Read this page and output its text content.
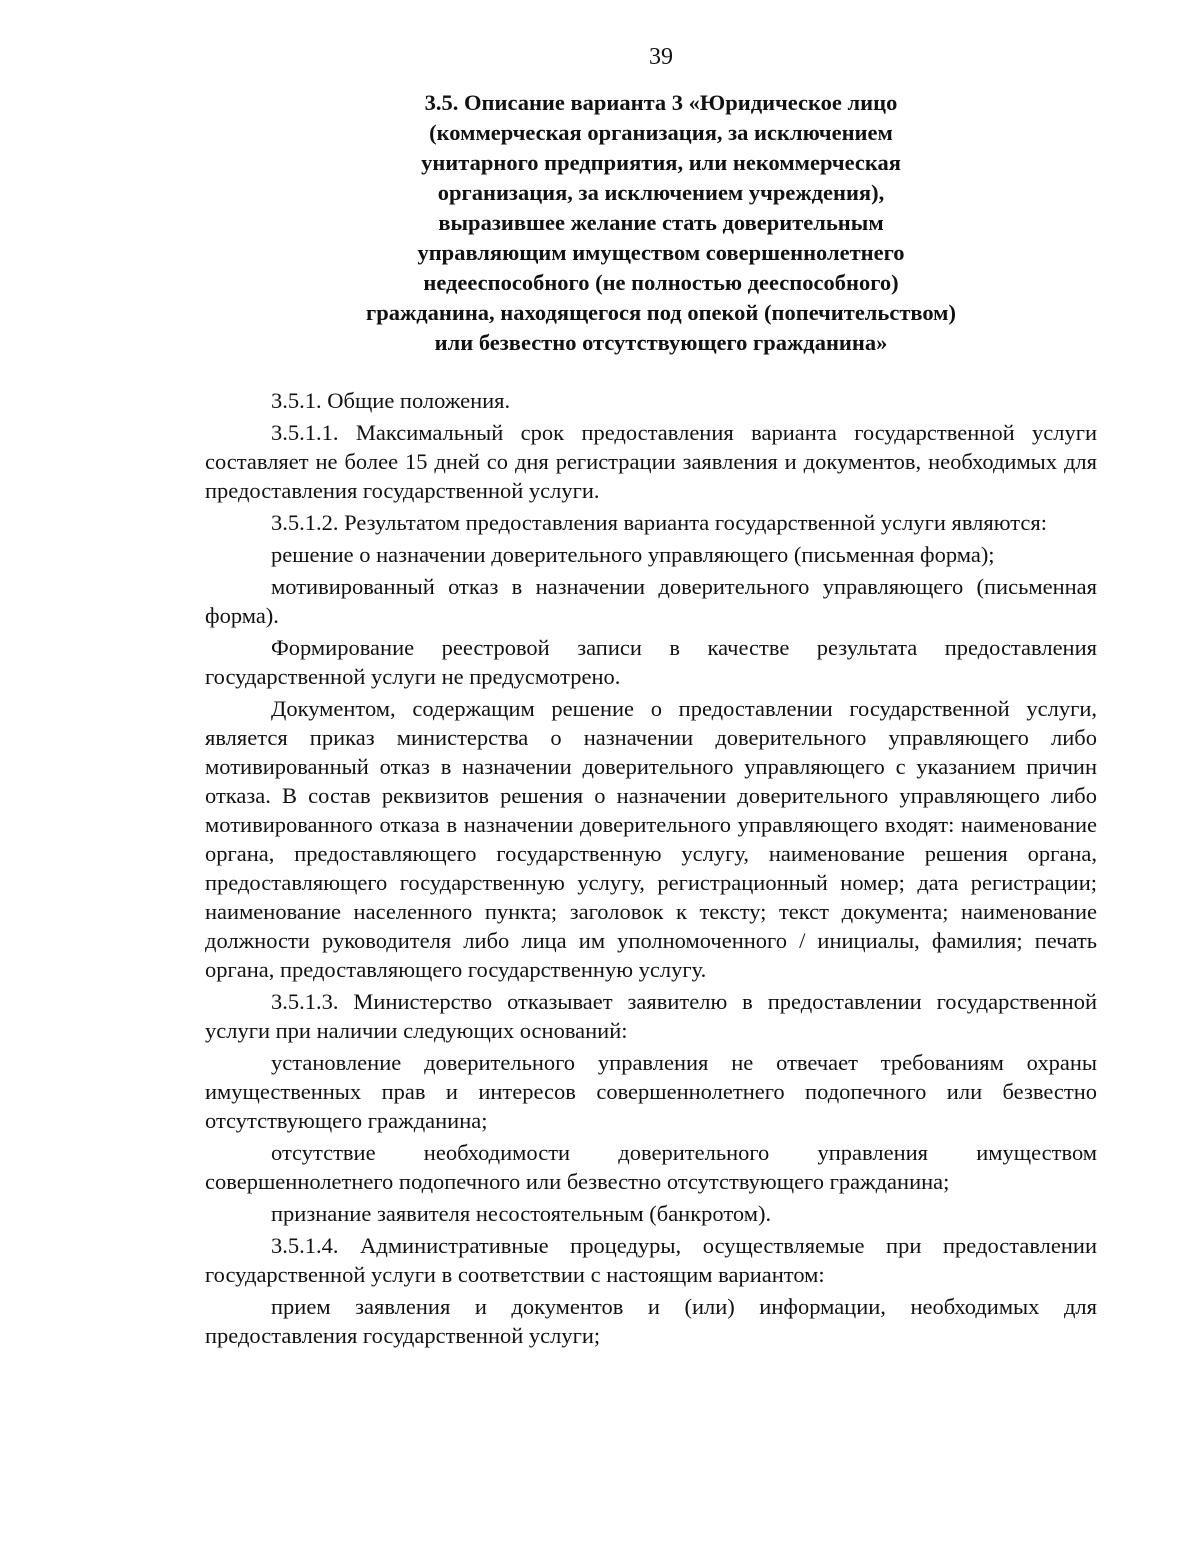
39
3.5. Описание варианта 3 «Юридическое лицо
(коммерческая организация, за исключением
унитарного предприятия, или некоммерческая
организация, за исключением учреждения),
выразившее желание стать доверительным
управляющим имуществом совершеннолетнего
недееспособного (не полностью дееспособного)
гражданина, находящегося под опекой (попечительством)
или безвестно отсутствующего гражданина»

3.5.1. Общие положения.

3.5.1.1. Максимальный срок предоставления варианта государственной услуги составляет не более 15 дней со дня регистрации заявления и документов, необходимых для предоставления государственной услуги.

3.5.1.2. Результатом предоставления варианта государственной услуги являются:

решение о назначении доверительного управляющего (письменная форма);

мотивированный отказ в назначении доверительного управляющего (письменная форма).

Формирование реестровой записи в качестве результата предоставления государственной услуги не предусмотрено.

Документом, содержащим решение о предоставлении государственной услуги, является приказ министерства о назначении доверительного управляющего либо мотивированный отказ в назначении доверительного управляющего с указанием причин отказа. В состав реквизитов решения о назначении доверительного управляющего либо мотивированного отказа в назначении доверительного управляющего входят: наименование органа, предоставляющего государственную услугу, наименование решения органа, предоставляющего государственную услугу, регистрационный номер; дата регистрации; наименование населенного пункта; заголовок к тексту; текст документа; наименование должности руководителя либо лица им уполномоченного / инициалы, фамилия; печать органа, предоставляющего государственную услугу.

3.5.1.3. Министерство отказывает заявителю в предоставлении государственной услуги при наличии следующих оснований:

установление доверительного управления не отвечает требованиям охраны имущественных прав и интересов совершеннолетнего подопечного или безвестно отсутствующего гражданина;

отсутствие необходимости доверительного управления имуществом совершеннолетнего подопечного или безвестно отсутствующего гражданина;

признание заявителя несостоятельным (банкротом).

3.5.1.4. Административные процедуры, осуществляемые при предоставлении государственной услуги в соответствии с настоящим вариантом:

прием заявления и документов и (или) информации, необходимых для предоставления государственной услуги;
